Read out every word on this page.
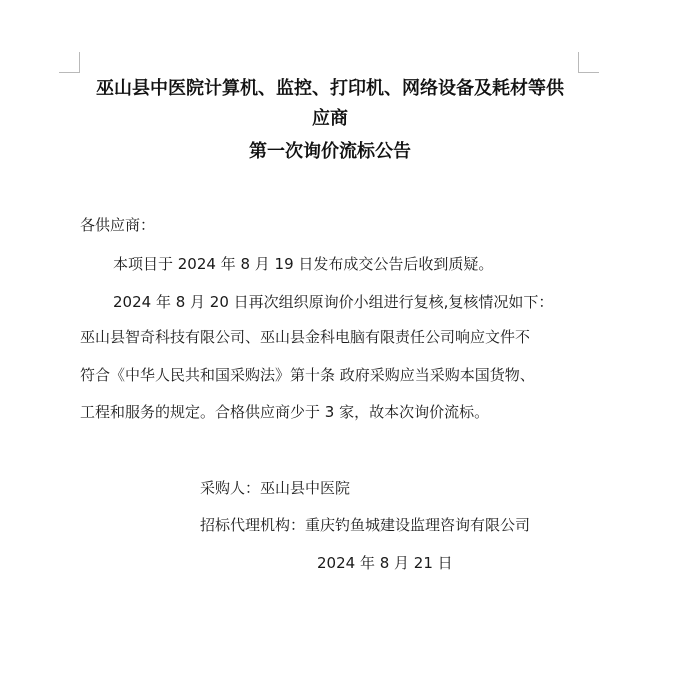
巫山县中医院计算机、监控、打印机、网络设备及耗材等供
应商
第一次询价流标公告
各供应商：
本项目于 2024 年 8 月 19 日发布成交公告后收到质疑。
2024 年 8 月 20 日再次组织原询价小组进行复核,复核情况如下：
巫山县智奇科技有限公司、巫山县金科电脑有限责任公司响应文件不
符合《中华人民共和国采购法》第十条 政府采购应当采购本国货物、
工程和服务的规定。合格供应商少于 3 家，故本次询价流标。
采购人：巫山县中医院
招标代理机构：重庆钓鱼城建设监理咨询有限公司
2024 年 8 月 21 日
